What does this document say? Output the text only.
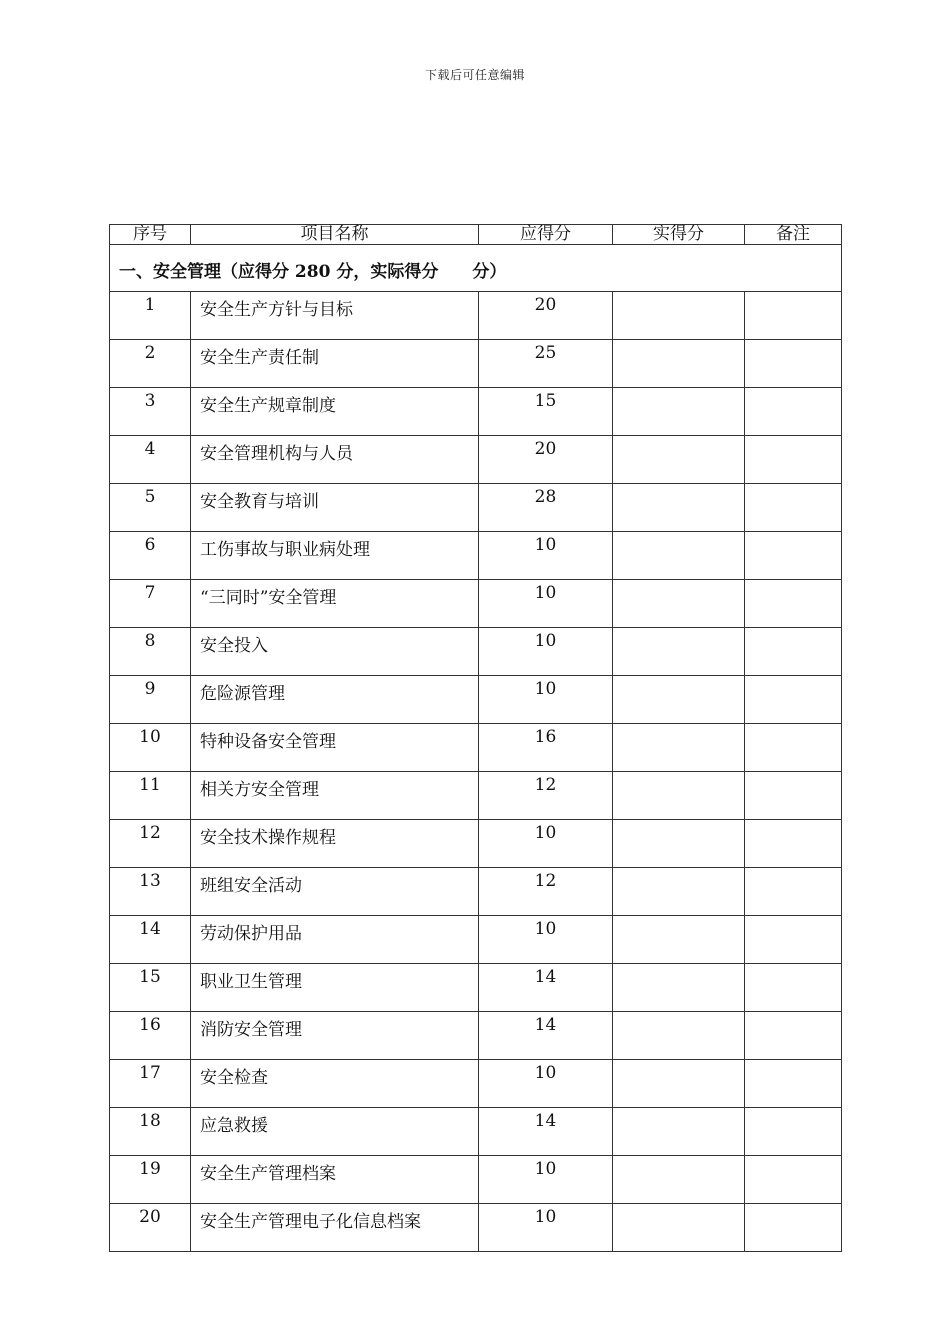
下载后可任意编辑
序号	项目名称	应得分	实得分	备注
一、安全管理（应得分 280 分，实际得分　　分）				
1	安全生产方针与目标	20		
2	安全生产责任制	25		
3	安全生产规章制度	15		
4	安全管理机构与人员	20		
5	安全教育与培训	28		
6	工伤事故与职业病处理	10		
7	“三同时”安全管理	10		
8	安全投入	10		
9	危险源管理	10		
10	特种设备安全管理	16		
11	相关方安全管理	12		
12	安全技术操作规程	10		
13	班组安全活动	12		
14	劳动保护用品	10		
15	职业卫生管理	14		
16	消防安全管理	14		
17	安全检查	10		
18	应急救援	14		
19	安全生产管理档案	10		
20	安全生产管理电子化信息档案	10		
